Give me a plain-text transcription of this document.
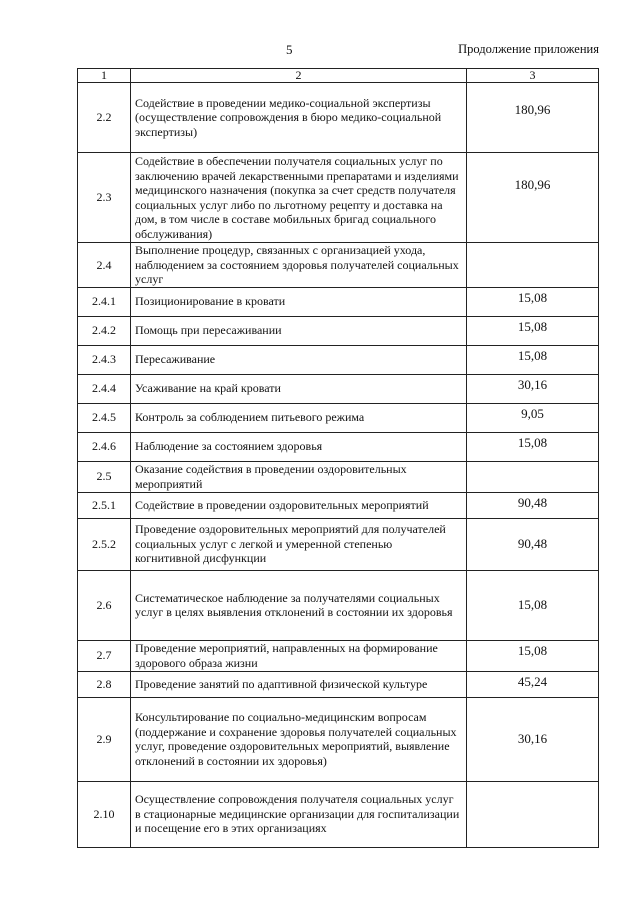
5	Продолжение приложения
1	2	3
2.2	Содействие в проведении медико-социальной экспертизы (осуществление сопровождения в бюро медико-социальной экспертизы)	180,96
2.3	Содействие в обеспечении получателя социальных услуг по заключению врачей лекарственными препаратами и изделиями медицинского назначения (покупка за счет средств получателя социальных услуг либо по льготному рецепту и доставка на дом, в том числе в составе мобильных бригад социального обслуживания)	180,96
2.4	Выполнение процедур, связанных с организацией ухода, наблюдением за состоянием здоровья получателей социальных услуг	
2.4.1	Позиционирование в кровати	15,08
2.4.2	Помощь при пересаживании	15,08
2.4.3	Пересаживание	15,08
2.4.4	Усаживание на край кровати	30,16
2.4.5	Контроль за соблюдением питьевого режима	9,05
2.4.6	Наблюдение за состоянием здоровья	15,08
2.5	Оказание содействия в проведении оздоровительных мероприятий	
2.5.1	Содействие в проведении оздоровительных мероприятий	90,48
2.5.2	Проведение оздоровительных мероприятий для получателей социальных услуг с легкой и умеренной степенью когнитивной дисфункции	90,48
2.6	Систематическое наблюдение за получателями социальных услуг в целях выявления отклонений в состоянии их здоровья	15,08
2.7	Проведение мероприятий, направленных на формирование здорового образа жизни	15,08
2.8	Проведение занятий по адаптивной физической культуре	45,24
2.9	Консультирование по социально-медицинским вопросам (поддержание и сохранение здоровья получателей социальных услуг, проведение оздоровительных мероприятий, выявление отклонений в состоянии их здоровья)	30,16
2.10	Осуществление сопровождения получателя социальных услуг в стационарные медицинские организации для госпитализации и посещение его в этих организациях	
